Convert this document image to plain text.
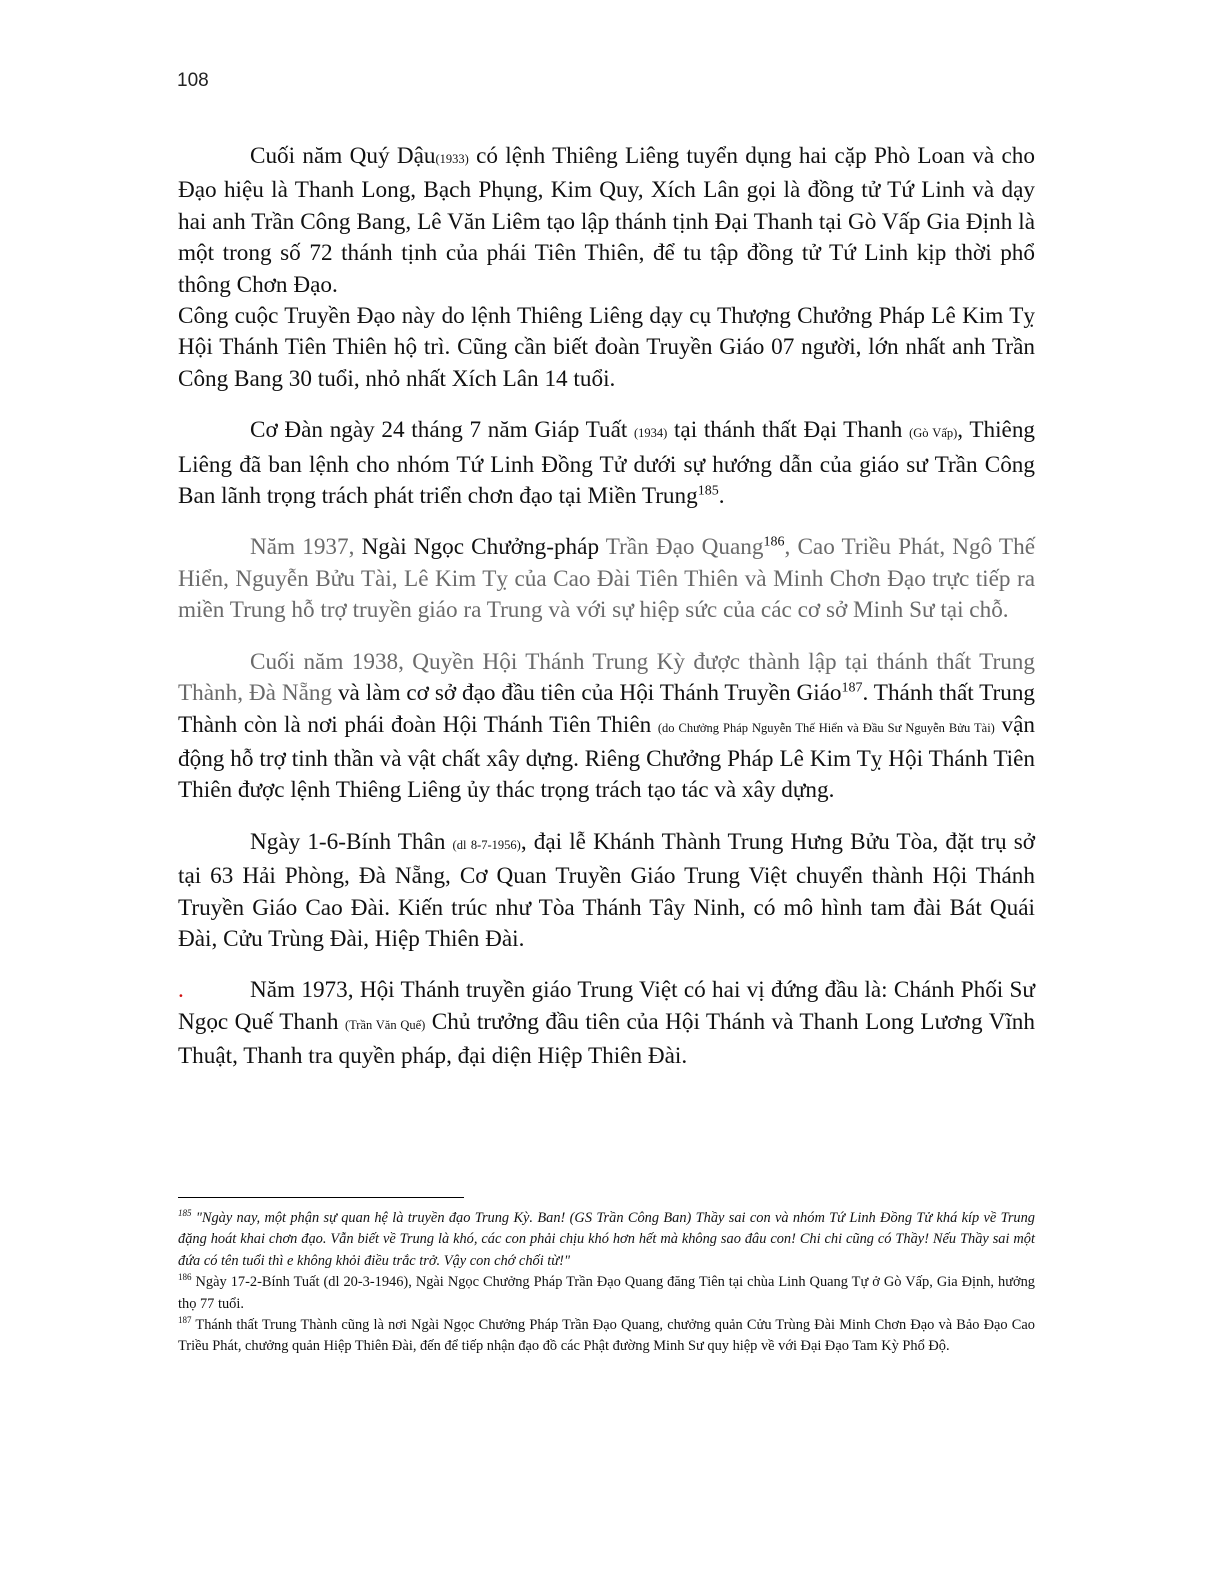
108

Cuối năm Quý Dậu(1933) có lệnh Thiêng Liêng tuyển dụng hai cặp Phò Loan và cho Đạo hiệu là Thanh Long, Bạch Phụng, Kim Quy, Xích Lân gọi là đồng tử Tứ Linh và dạy hai anh Trần Công Bang, Lê Văn Liêm tạo lập thánh tịnh Đại Thanh tại Gò Vấp Gia Định là một trong số 72 thánh tịnh của phái Tiên Thiên, để tu tập đồng tử Tứ Linh kịp thời phổ thông Chơn Đạo.

Công cuộc Truyền Đạo này do lệnh Thiêng Liêng dạy cụ Thượng Chưởng Pháp Lê Kim Tỵ Hội Thánh Tiên Thiên hộ trì. Cũng cần biết đoàn Truyền Giáo 07 người, lớn nhất anh Trần Công Bang 30 tuổi, nhỏ nhất Xích Lân 14 tuổi.

Cơ Đàn ngày 24 tháng 7 năm Giáp Tuất (1934) tại thánh thất Đại Thanh (Gò Vấp), Thiêng Liêng đã ban lệnh cho nhóm Tứ Linh Đồng Tử dưới sự hướng dẫn của giáo sư Trần Công Ban lãnh trọng trách phát triển chơn đạo tại Miền Trung$^{185}$.

Năm 1937, Ngài Ngọc Chưởng-pháp Trần Đạo Quang$^{186}$, Cao Triều Phát, Ngô Thế Hiển, Nguyễn Bửu Tài, Lê Kim Tỵ của Cao Đài Tiên Thiên và Minh Chơn Đạo trực tiếp ra miền Trung hỗ trợ truyền giáo ra Trung và với sự hiệp sức của các cơ sở Minh Sư tại chỗ.

Cuối năm 1938, Quyền Hội Thánh Trung Kỳ được thành lập tại thánh thất Trung Thành, Đà Nẵng và làm cơ sở đạo đầu tiên của Hội Thánh Truyền Giáo$^{187}$. Thánh thất Trung Thành còn là nơi phái đoàn Hội Thánh Tiên Thiên (do Chưởng Pháp Nguyễn Thế Hiển và Đầu Sư Nguyễn Bửu Tài) vận động hỗ trợ tinh thần và vật chất xây dựng. Riêng Chưởng Pháp Lê Kim Tỵ Hội Thánh Tiên Thiên được lệnh Thiêng Liêng ủy thác trọng trách tạo tác và xây dựng.

Ngày 1-6-Bính Thân (dl 8-7-1956), đại lễ Khánh Thành Trung Hưng Bửu Tòa, đặt trụ sở tại 63 Hải Phòng, Đà Nẵng, Cơ Quan Truyền Giáo Trung Việt chuyển thành Hội Thánh Truyền Giáo Cao Đài. Kiến trúc như Tòa Thánh Tây Ninh, có mô hình tam đài Bát Quái Đài, Cửu Trùng Đài, Hiệp Thiên Đài.

.	Năm 1973, Hội Thánh truyền giáo Trung Việt có hai vị đứng đầu là: Chánh Phối Sư Ngọc Quế Thanh (Trần Văn Quế) Chủ trưởng đầu tiên của Hội Thánh và Thanh Long Lương Vĩnh Thuật, Thanh tra quyền pháp, đại diện Hiệp Thiên Đài.

$^{185}$ "Ngày nay, một phận sự quan hệ là truyền đạo Trung Kỳ. Ban! (GS Trần Công Ban) Thầy sai con và nhóm Tứ Linh Đồng Tử khá kíp về Trung đặng hoát khai chơn đạo. Vẫn biết về Trung là khó, các con phải chịu khó hơn hết mà không sao đâu con! Chi chi cũng có Thầy! Nếu Thầy sai một đứa có tên tuổi thì e không khỏi điều trắc trở. Vậy con chớ chối từ!"

$^{186}$ Ngày 17-2-Bính Tuất (dl 20-3-1946), Ngài Ngọc Chưởng Pháp Trần Đạo Quang đăng Tiên tại chùa Linh Quang Tự ở Gò Vấp, Gia Định, hưởng thọ 77 tuổi.

$^{187}$ Thánh thất Trung Thành cũng là nơi Ngài Ngọc Chưởng Pháp Trần Đạo Quang, chưởng quản Cửu Trùng Đài Minh Chơn Đạo và Bảo Đạo Cao Triều Phát, chưởng quản Hiệp Thiên Đài, đến để tiếp nhận đạo đồ các Phật đường Minh Sư quy hiệp về với Đại Đạo Tam Kỳ Phổ Độ.
